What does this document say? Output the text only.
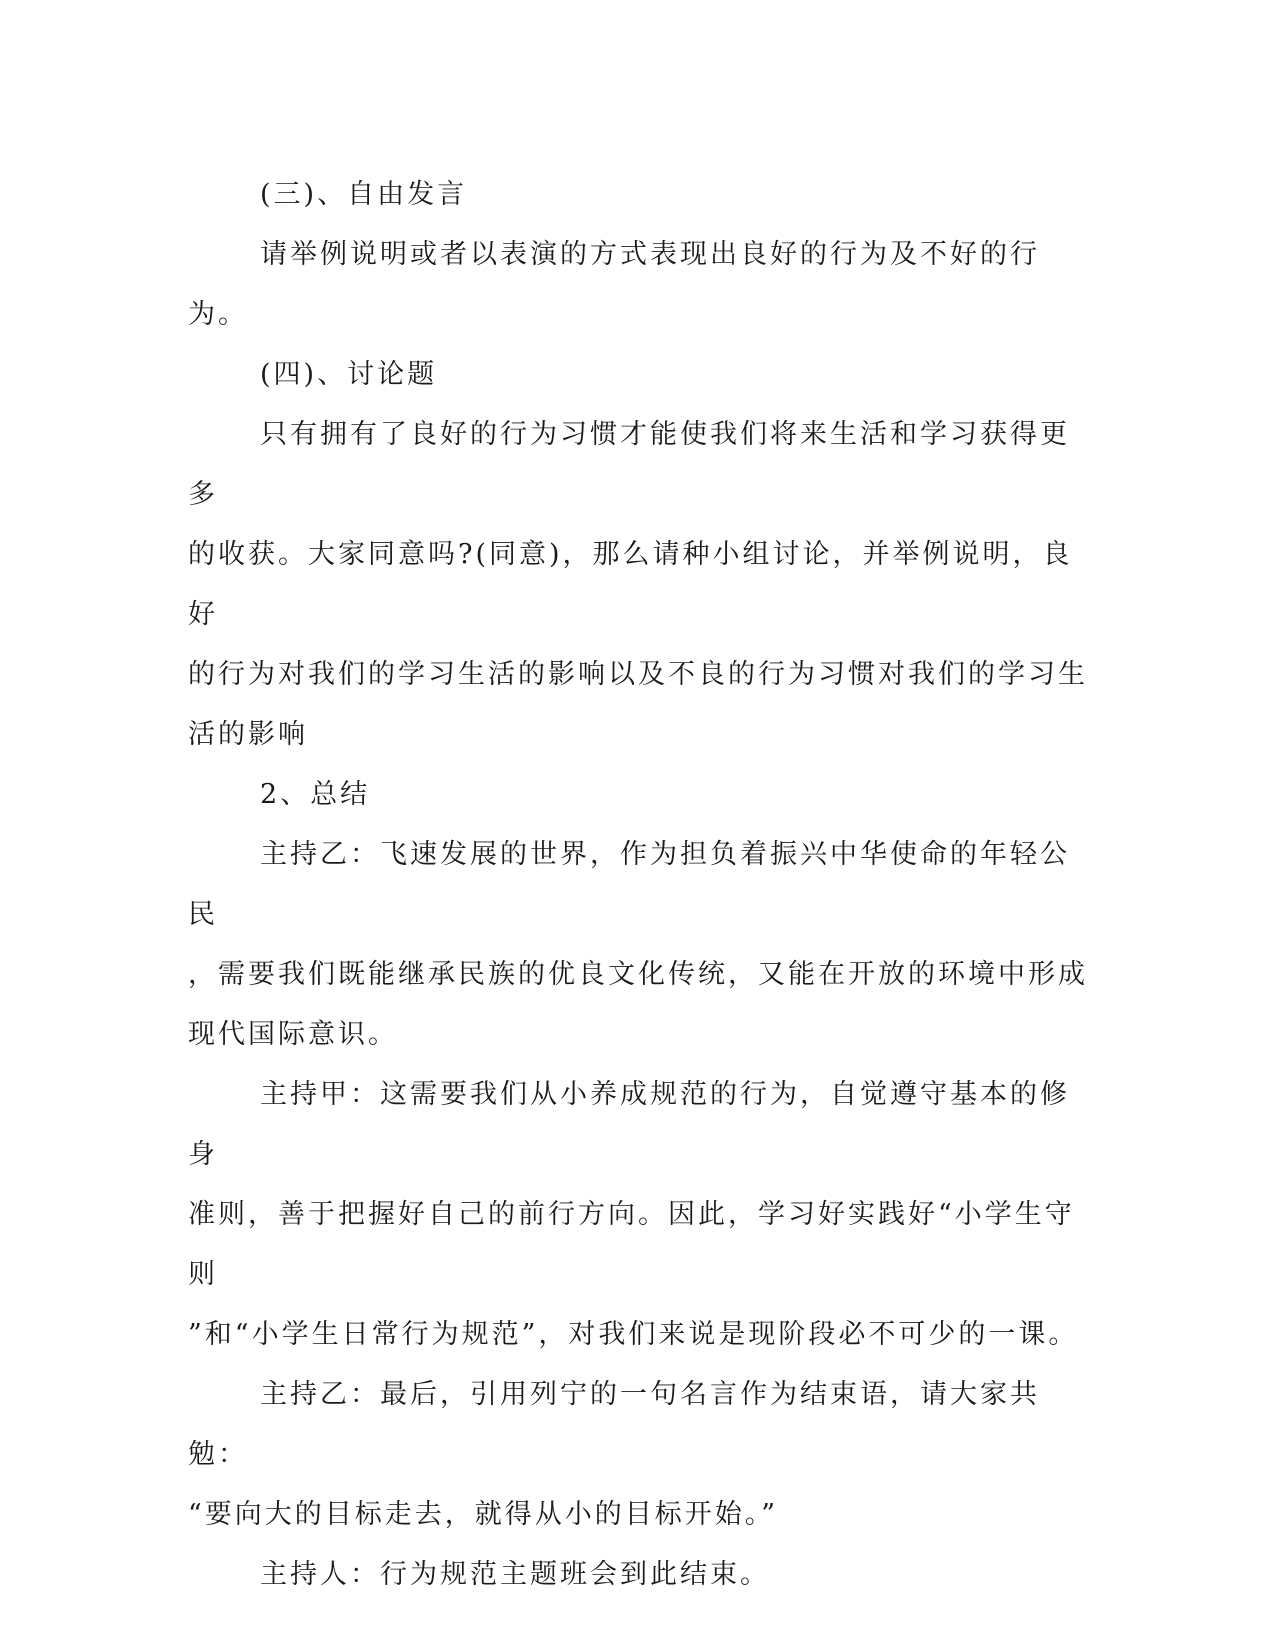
(三)、自由发言

请举例说明或者以表演的方式表现出良好的行为及不好的行为。

(四)、讨论题

只有拥有了良好的行为习惯才能使我们将来生活和学习获得更多

的收获。大家同意吗?(同意)，那么请种小组讨论，并举例说明，良好

的行为对我们的学习生活的影响以及不良的行为习惯对我们的学习生

活的影响

2、总结

主持乙：飞速发展的世界，作为担负着振兴中华使命的年轻公民

，需要我们既能继承民族的优良文化传统，又能在开放的环境中形成

现代国际意识。

主持甲：这需要我们从小养成规范的行为，自觉遵守基本的修身

准则，善于把握好自己的前行方向。因此，学习好实践好“小学生守则

”和“小学生日常行为规范”，对我们来说是现阶段必不可少的一课。

主持乙：最后，引用列宁的一句名言作为结束语，请大家共勉：

“要向大的目标走去，就得从小的目标开始。”

主持人：行为规范主题班会到此结束。
